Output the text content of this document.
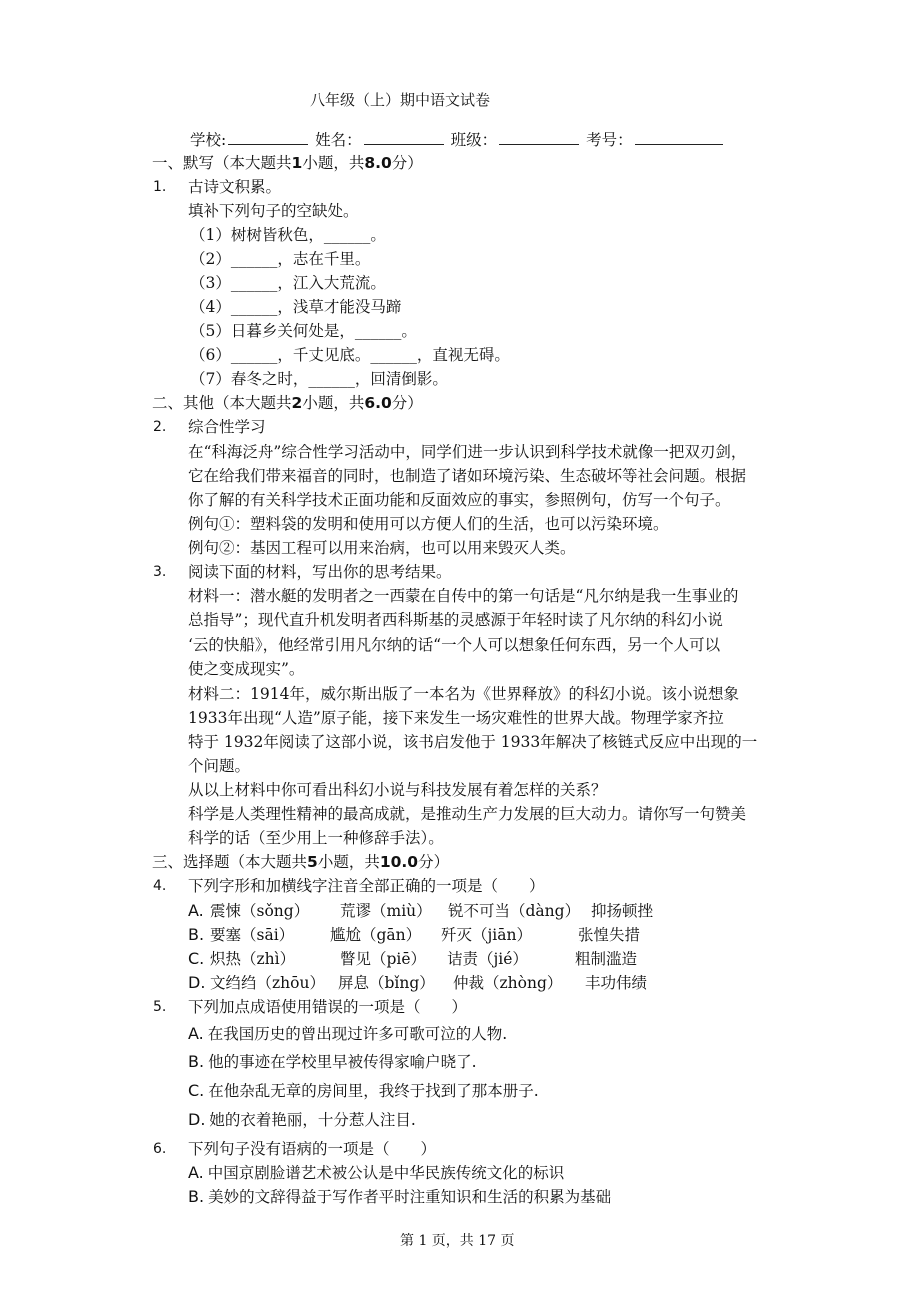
八年级（上）期中语文试卷
学校:	姓名：	班级：	考号：
一、默写（本大题共1小题，共8.0分）
1. 古诗文积累。
填补下列句子的空缺处。
（1）树树皆秋色，______。
（2）______，志在千里。
（3）______，江入大荒流。
（4）______，浅草才能没马蹄
（5）日暮乡关何处是，______。
（6）______，千丈见底。______，直视无碍。
（7）春冬之时，______，回清倒影。
二、其他（本大题共2小题，共6.0分）
2. 综合性学习
在“科海泛舟”综合性学习活动中，同学们进一步认识到科学技术就像一把双刃剑，
它在给我们带来福音的同时，也制造了诸如环境污染、生态破坏等社会问题。根据
你了解的有关科学技术正面功能和反面效应的事实，参照例句，仿写一个句子。
例句①：塑料袋的发明和使用可以方便人们的生活，也可以污染环境。
例句②：基因工程可以用来治病，也可以用来毁灭人类。
3. 阅读下面的材料，写出你的思考结果。
材料一：潜水艇的发明者之一西蒙在自传中的第一句话是“凡尔纳是我一生事业的
总指导”；现代直升机发明者西科斯基的灵感源于年轻时读了凡尔纳的科幻小说
‘云的快船》，他经常引用凡尔纳的话“一个人可以想象任何东西，另一个人可以
使之变成现实”。
材料二：1914年，威尔斯出版了一本名为《世界释放》的科幻小说。该小说想象
1933年出现“人造”原子能，接下来发生一场灾难性的世界大战。物理学家齐拉
特于 1932年阅读了这部小说，该书启发他于 1933年解决了核链式反应中出现的一
个问题。
从以上材料中你可看出科幻小说与科技发展有着怎样的关系？
科学是人类理性精神的最高成就，是推动生产力发展的巨大动力。请你写一句赞美
科学的话（至少用上一种修辞手法）。
三、选择题（本大题共5小题，共10.0分）
4. 下列字形和加横线字注音全部正确的一项是（　　）
A. 震悚（sǒng） 荒谬（miù） 锐不可当（dàng） 抑扬顿挫
B. 要塞（sāi） 尴尬（gān） 歼灭（jiān）	张惶失措
C. 炽热（zhì）	瞥见（piē） 诘责（jié）	粗制滥造
D. 文绉绉（zhōu） 屏息（bǐng） 仲裁（zhòng） 丰功伟绩
5. 下列加点成语使用错误的一项是（　　）
A. 在我国历史的曾出现过许多可歌可泣的人物.
B. 他的事迹在学校里早被传得家喻户晓了.
C. 在他杂乱无章的房间里，我终于找到了那本册子.
D. 她的衣着艳丽，十分惹人注目.
6. 下列句子没有语病的一项是（　　）
A. 中国京剧脸谱艺术被公认是中华民族传统文化的标识
B. 美妙的文辞得益于写作者平时注重知识和生活的积累为基础
第 1 页，共 17 页
